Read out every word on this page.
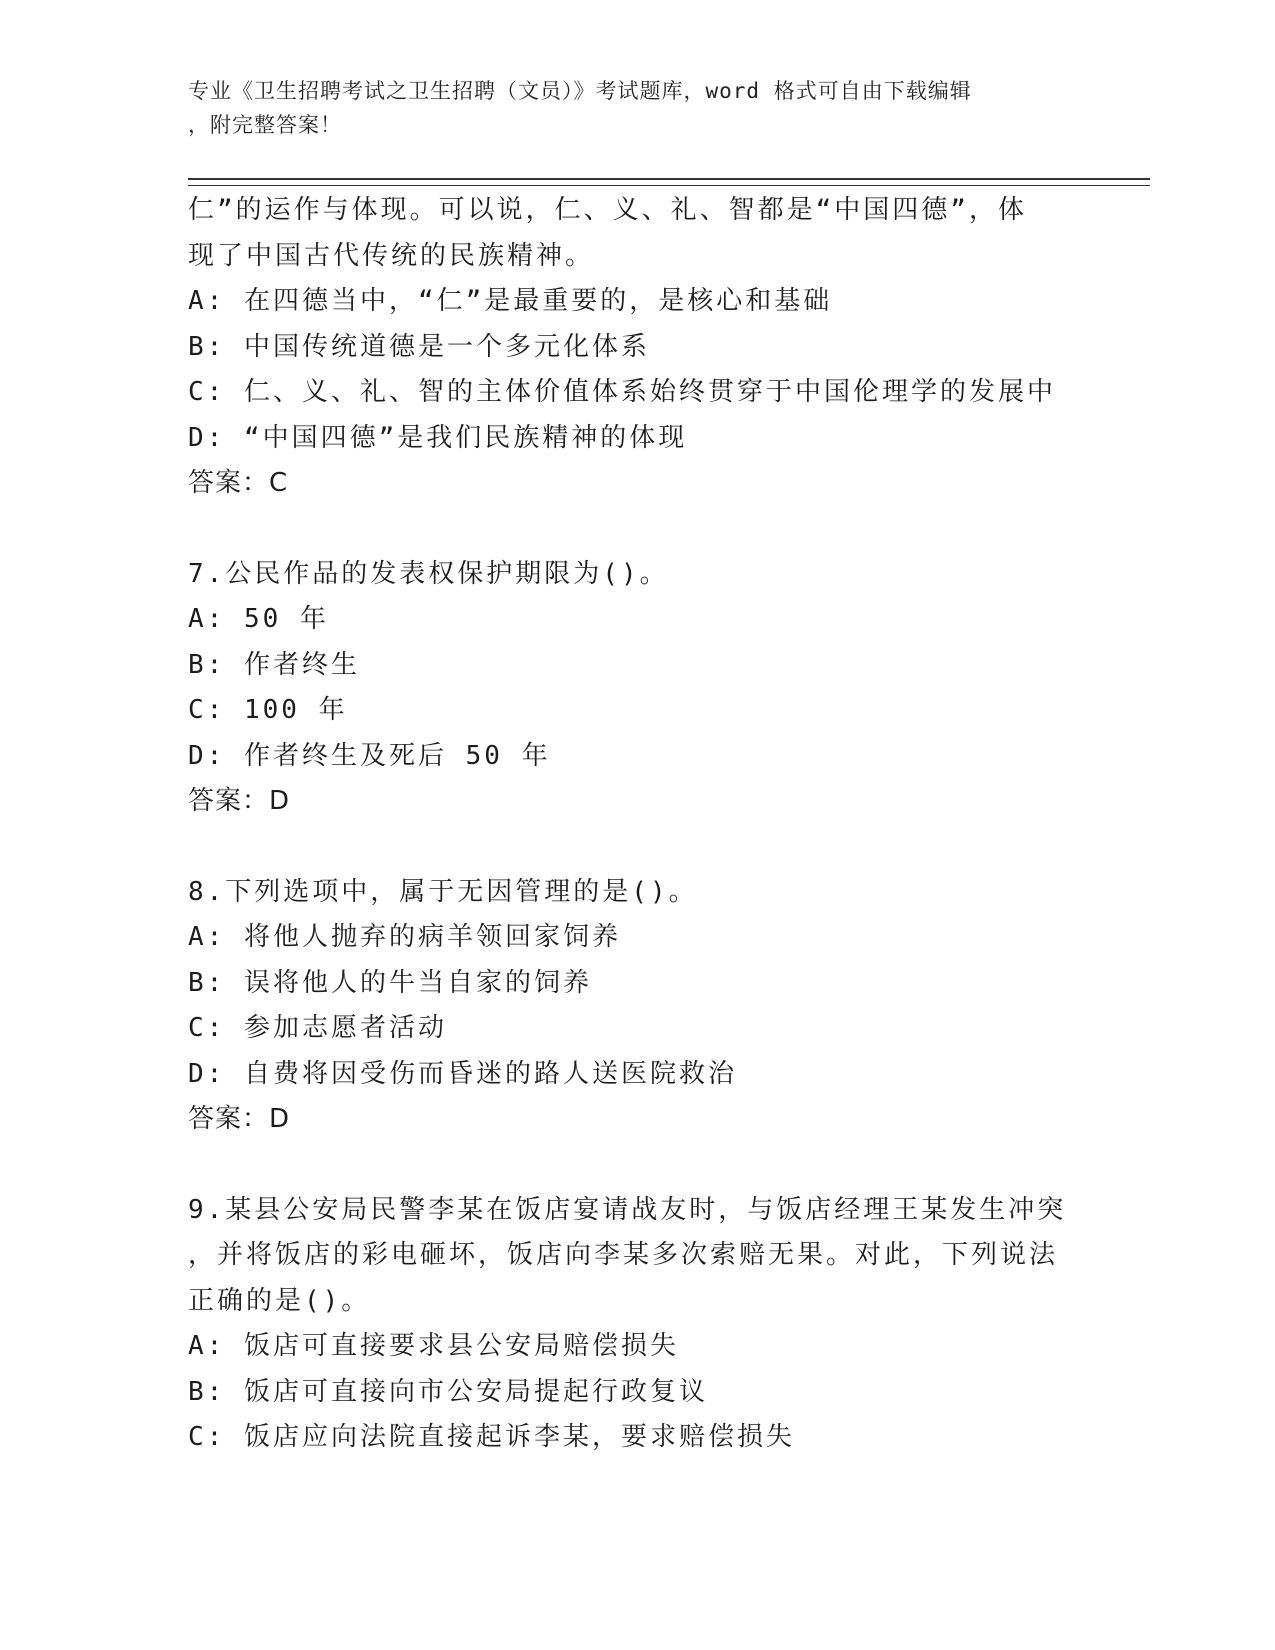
专业《卫生招聘考试之卫生招聘（文员）》考试题库，word 格式可自由下载编辑
，附完整答案！
仁”的运作与体现。可以说，仁、义、礼、智都是“中国四德”，体
现了中国古代传统的民族精神。
A: 在四德当中，“仁”是最重要的，是核心和基础
B: 中国传统道德是一个多元化体系
C: 仁、义、礼、智的主体价值体系始终贯穿于中国伦理学的发展中
D: “中国四德”是我们民族精神的体现
答案：C
7.公民作品的发表权保护期限为()。
A: 50 年
B: 作者终生
C: 100 年
D: 作者终生及死后 50 年
答案：D
8.下列选项中，属于无因管理的是()。
A: 将他人抛弃的病羊领回家饲养
B: 误将他人的牛当自家的饲养
C: 参加志愿者活动
D: 自费将因受伤而昏迷的路人送医院救治
答案：D
9.某县公安局民警李某在饭店宴请战友时，与饭店经理王某发生冲突
，并将饭店的彩电砸坏，饭店向李某多次索赔无果。对此，下列说法
正确的是()。
A: 饭店可直接要求县公安局赔偿损失
B: 饭店可直接向市公安局提起行政复议
C: 饭店应向法院直接起诉李某，要求赔偿损失
